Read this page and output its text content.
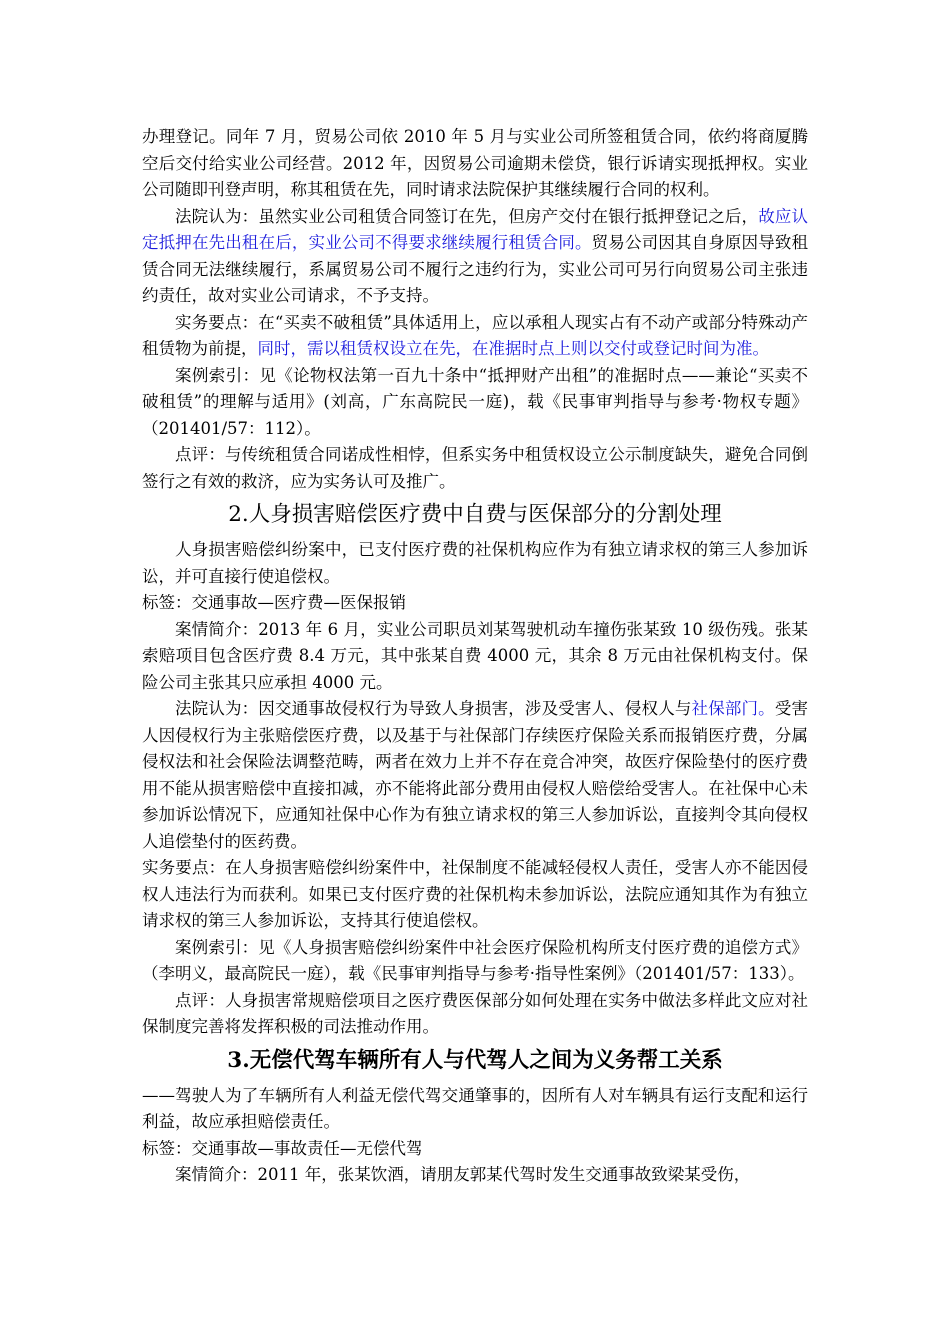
办理登记。同年 7 月，贸易公司依 2010 年 5 月与实业公司所签租赁合同，依约将商厦腾空后交付给实业公司经营。2012 年，因贸易公司逾期未偿贷，银行诉请实现抵押权。实业公司随即刊登声明，称其租赁在先，同时请求法院保护其继续履行合同的权利。

法院认为：虽然实业公司租赁合同签订在先，但房产交付在银行抵押登记之后，故应认定抵押在先出租在后，实业公司不得要求继续履行租赁合同。贸易公司因其自身原因导致租赁合同无法继续履行，系属贸易公司不履行之违约行为，实业公司可另行向贸易公司主张违约责任，故对实业公司请求，不予支持。

实务要点：在“买卖不破租赁”具体适用上，应以承租人现实占有不动产或部分特殊动产租赁物为前提，同时，需以租赁权设立在先，在准据时点上则以交付或登记时间为准。

案例索引：见《论物权法第一百九十条中“抵押财产出租”的准据时点——兼论“买卖不破租赁”的理解与适用》(刘高，广东高院民一庭)，载《民事审判指导与参考·物权专题》（201401/57：112）。

点评：与传统租赁合同诺成性相悖，但系实务中租赁权设立公示制度缺失，避免合同倒签行之有效的救济，应为实务认可及推广。

2.人身损害赔偿医疗费中自费与医保部分的分割处理

人身损害赔偿纠纷案中，已支付医疗费的社保机构应作为有独立请求权的第三人参加诉讼，并可直接行使追偿权。

标签：交通事故—医疗费—医保报销

案情简介：2013 年 6 月，实业公司职员刘某驾驶机动车撞伤张某致 10 级伤残。张某索赔项目包含医疗费 8.4 万元，其中张某自费 4000 元，其余 8 万元由社保机构支付。保险公司主张其只应承担 4000 元。

法院认为：因交通事故侵权行为导致人身损害，涉及受害人、侵权人与社保部门。受害人因侵权行为主张赔偿医疗费，以及基于与社保部门存续医疗保险关系而报销医疗费，分属侵权法和社会保险法调整范畴，两者在效力上并不存在竞合冲突，故医疗保险垫付的医疗费用不能从损害赔偿中直接扣减，亦不能将此部分费用由侵权人赔偿给受害人。在社保中心未参加诉讼情况下，应通知社保中心作为有独立请求权的第三人参加诉讼，直接判令其向侵权人追偿垫付的医药费。

实务要点：在人身损害赔偿纠纷案件中，社保制度不能减轻侵权人责任，受害人亦不能因侵权人违法行为而获利。如果已支付医疗费的社保机构未参加诉讼，法院应通知其作为有独立请求权的第三人参加诉讼，支持其行使追偿权。

案例索引：见《人身损害赔偿纠纷案件中社会医疗保险机构所支付医疗费的追偿方式》（李明义，最高院民一庭），载《民事审判指导与参考·指导性案例》（201401/57：133）。

点评：人身损害常规赔偿项目之医疗费医保部分如何处理在实务中做法多样此文应对社保制度完善将发挥积极的司法推动作用。

3.无偿代驾车辆所有人与代驾人之间为义务帮工关系

——驾驶人为了车辆所有人利益无偿代驾交通肇事的，因所有人对车辆具有运行支配和运行利益，故应承担赔偿责任。

标签：交通事故—事故责任—无偿代驾

案情简介：2011 年，张某饮酒，请朋友郭某代驾时发生交通事故致梁某受伤，
